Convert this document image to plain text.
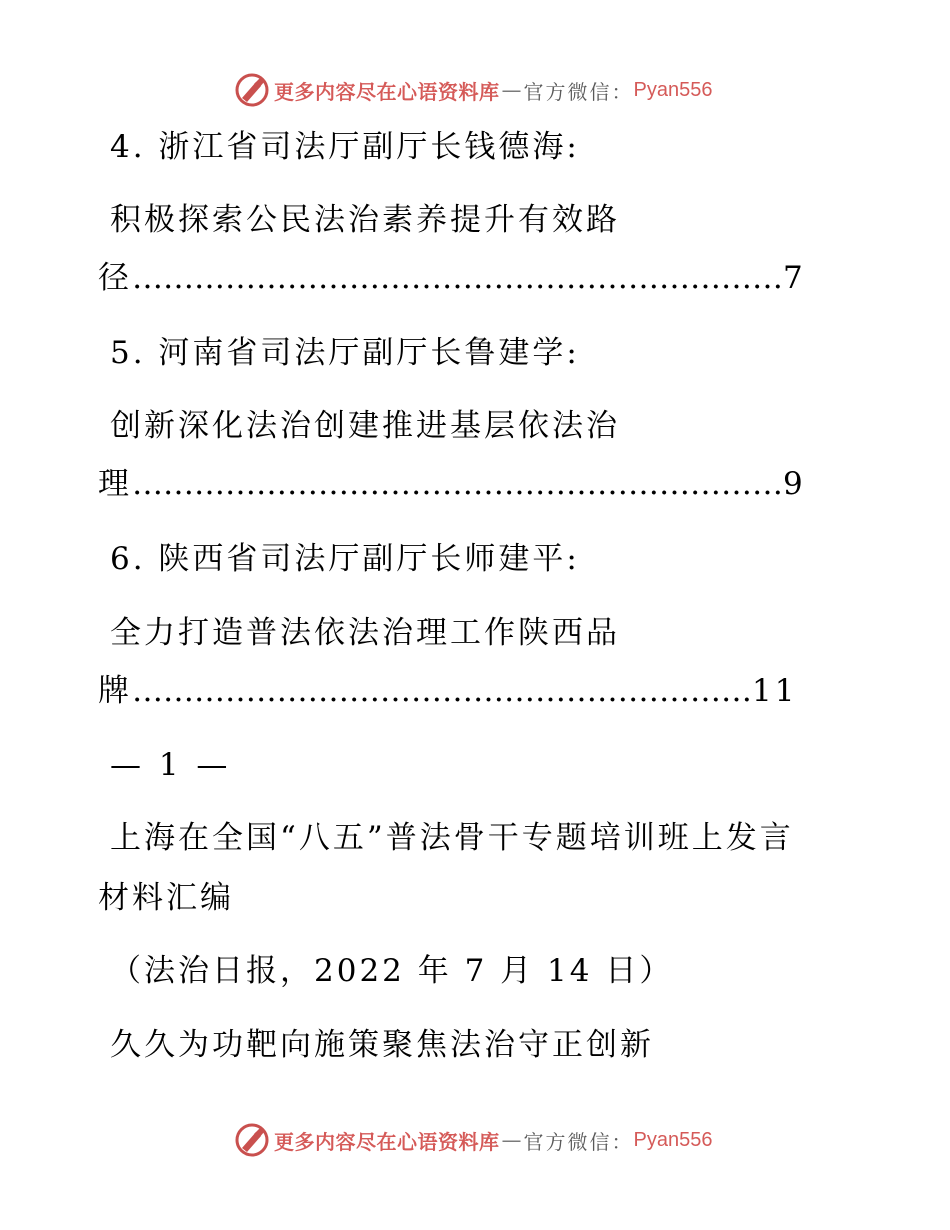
更多内容尽在心语资料库 — 官方微信： Pyan556
4. 浙江省司法厅副厅长钱德海:
积极探索公民法治素养提升有效路
径………………………………………………………7
5. 河南省司法厅副厅长鲁建学:
创新深化法治创建推进基层依法治
理………………………………………………………9
6. 陕西省司法厅副厅长师建平:
全力打造普法依法治理工作陕西品
牌……………………………………………………11
— 1 —
上海在全国“八五”普法骨干专题培训班上发言
材料汇编
（法治日报，2022 年 7 月 14 日）
久久为功靶向施策聚焦法治守正创新
更多内容尽在心语资料库 — 官方微信： Pyan556
